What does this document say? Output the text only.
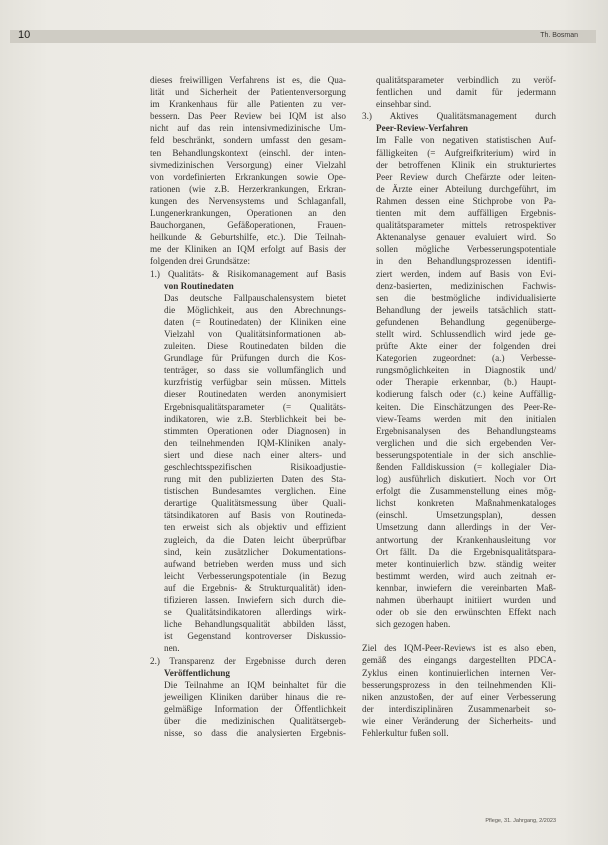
10	Th. Bosman
dieses freiwilligen Verfahrens ist es, die Qua-
lität und Sicherheit der Patientenversorgung
im Krankenhaus für alle Patienten zu ver-
bessern. Das Peer Review bei IQM ist also
nicht auf das rein intensivmedizinische Um-
feld beschränkt, sondern umfasst den gesam-
ten Behandlungskontext (einschl. der inten-
sivmedizinischen Versorgung) einer Vielzahl
von vordefinierten Erkrankungen sowie Ope-
rationen (wie z.B. Herzerkrankungen, Erkran-
kungen des Nervensystems und Schlaganfall,
Lungenerkrankungen, Operationen an den
Bauchorganen, Gefäßoperationen, Frauen-
heilkunde & Geburtshilfe, etc.). Die Teilnah-
me der Kliniken an IQM erfolgt auf Basis der
folgenden drei Grundsätze:
1.) Qualitäts- & Risikomanagement auf Basis
von Routinedaten
Das deutsche Fallpauschalensystem bietet
die Möglichkeit, aus den Abrechnungs-
daten (= Routinedaten) der Kliniken eine
Vielzahl von Qualitätsinformationen ab-
zuleiten. Diese Routinedaten bilden die
Grundlage für Prüfungen durch die Kos-
tenträger, so dass sie vollumfänglich und
kurzfristig verfügbar sein müssen. Mittels
dieser Routinedaten werden anonymisiert
Ergebnisqualitätsparameter (= Qualitäts-
indikatoren, wie z.B. Sterblichkeit bei be-
stimmten Operationen oder Diagnosen) in
den teilnehmenden IQM-Kliniken analy-
siert und diese nach einer alters- und
geschlechtsspezifischen Risikoadjustie-
rung mit den publizierten Daten des Sta-
tistischen Bundesamtes verglichen. Eine
derartige Qualitätsmessung über Quali-
tätsindikatoren auf Basis von Routineda-
ten erweist sich als objektiv und effizient
zugleich, da die Daten leicht überprüfbar
sind, kein zusätzlicher Dokumentations-
aufwand betrieben werden muss und sich
leicht Verbesserungspotentiale (in Bezug
auf die Ergebnis- & Strukturqualität) iden-
tifizieren lassen. Inwiefern sich durch die-
se Qualitätsindikatoren allerdings wirk-
liche Behandlungsqualität abbilden lässt,
ist Gegenstand kontroverser Diskussio-
nen.
2.) Transparenz der Ergebnisse durch deren
Veröffentlichung
Die Teilnahme an IQM beinhaltet für die
jeweiligen Kliniken darüber hinaus die re-
gelmäßige Information der Öffentlichkeit
über die medizinischen Qualitätsergeb-
nisse, so dass die analysierten Ergebnis-
qualitätsparameter verbindlich zu veröf-
fentlichen und damit für jedermann
einsehbar sind.
3.) Aktives Qualitätsmanagement durch
Peer-Review-Verfahren
Im Falle von negativen statistischen Auf-
fälligkeiten (= Aufgreifkriterium) wird in
der betroffenen Klinik ein strukturiertes
Peer Review durch Chefärzte oder leiten-
de Ärzte einer Abteilung durchgeführt, im
Rahmen dessen eine Stichprobe von Pa-
tienten mit dem auffälligen Ergebnis-
qualitätsparameter mittels retrospektiver
Aktenanalyse genauer evaluiert wird. So
sollen mögliche Verbesserungspotentiale
in den Behandlungsprozessen identifi-
ziert werden, indem auf Basis von Evi-
denz-basierten, medizinischen Fachwis-
sen die bestmögliche individualisierte
Behandlung der jeweils tatsächlich statt-
gefundenen Behandlung gegenüberge-
stellt wird. Schlussendlich wird jede ge-
prüfte Akte einer der folgenden drei
Kategorien zugeordnet: (a.) Verbesse-
rungsmöglichkeiten in Diagnostik und/
oder Therapie erkennbar, (b.) Haupt-
kodierung falsch oder (c.) keine Auffällig-
keiten. Die Einschätzungen des Peer-Re-
view-Teams werden mit den initialen
Ergebnisanalysen des Behandlungsteams
verglichen und die sich ergebenden Ver-
besserungspotentiale in der sich anschlie-
ßenden Falldiskussion (= kollegialer Dia-
log) ausführlich diskutiert. Noch vor Ort
erfolgt die Zusammenstellung eines mög-
lichst konkreten Maßnahmenkataloges
(einschl. Umsetzungsplan), dessen
Umsetzung dann allerdings in der Ver-
antwortung der Krankenhausleitung vor
Ort fällt. Da die Ergebnisqualitätspara-
meter kontinuierlich bzw. ständig weiter
bestimmt werden, wird auch zeitnah er-
kennbar, inwiefern die vereinbarten Maß-
nahmen überhaupt initiiert wurden und
oder ob sie den erwünschten Effekt nach
sich gezogen haben.
Ziel des IQM-Peer-Reviews ist es also eben,
gemäß des eingangs dargestellten PDCA-
Zyklus einen kontinuierlichen internen Ver-
besserungsprozess in den teilnehmenden Kli-
niken anzustoßen, der auf einer Verbesserung
der interdisziplinären Zusammenarbeit so-
wie einer Veränderung der Sicherheits- und
Fehlerkultur fußen soll.
Pflege, 31. Jahrgang, 2/2023
